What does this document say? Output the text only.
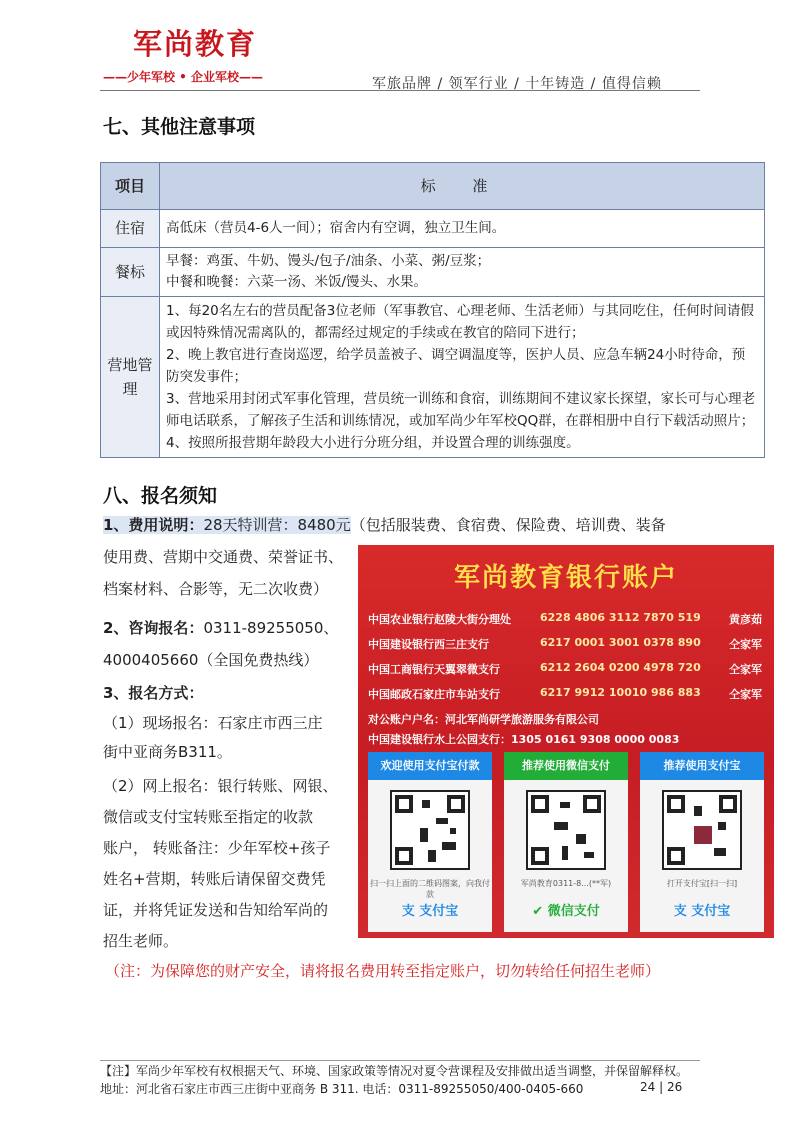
军尚教育
——少年军校 • 企业军校——	军旅品牌 / 领军行业 / 十年铸造 / 值得信赖
七、其他注意事项
项目	标 准
住宿	高低床（营员4-6人一间）；宿舍内有空调，独立卫生间。

餐标	早餐：鸡蛋、牛奶、馒头/包子/油条、小菜、粥/豆浆；
中餐和晚餐：六菜一汤、米饭/馒头、水果。

营地管理	1、每20名左右的营员配备3位老师（军事教官、心理老师、生活老师）与其同吃住，任何时间请假或因特殊情况需离队的，都需经过规定的手续或在教官的陪同下进行；
2、晚上教官进行查岗巡逻，给学员盖被子、调空调温度等，医护人员、应急车辆24小时待命，预防突发事件；
3、营地采用封闭式军事化管理，营员统一训练和食宿，训练期间不建议家长探望，家长可与心理老师电话联系，了解孩子生活和训练情况，或加军尚少年军校QQ群，在群相册中自行下载活动照片；
4、按照所报营期年龄段大小进行分班分组，并设置合理的训练强度。
八、报名须知
1、费用说明：28天特训营：8480元（包括服装费、食宿费、保险费、培训费、装备
使用费、营期中交通费、荣誉证书、
档案材料、合影等，无二次收费）
2、咨询报名：0311-89255050、
4000405660（全国免费热线）
3、报名方式：
（1）现场报名：石家庄市西三庄
街中亚商务B311。
（2）网上报名：银行转账、网银、
微信或支付宝转账至指定的收款
账户， 转账备注：少年军校+孩子
姓名+营期，转账后请保留交费凭
证，并将凭证发送和告知给军尚的
招生老师。
军尚教育银行账户
中国农业银行赵陵大街分理处	6228 4806 3112 7870 519	黄彦茹
中国建设银行西三庄支行	6217 0001 3001 0378 890	仝家军
中国工商银行天翼翠微支行	6212 2604 0200 4978 720	仝家军
中国邮政石家庄市车站支行	6217 9912 10010 986 883	仝家军
对公账户户名：河北军尚研学旅游服务有限公司
中国建设银行水上公园支行：1305 0161 9308 0000 0083
欢迎使用支付宝付款
扫一扫上面的二维码图案，向我付款
支 支付宝
推荐使用微信支付
军尚教育0311-8...(**军)
✔ 微信支付
推荐使用支付宝
打开支付宝[扫一扫]
支 支付宝
（注：为保障您的财产安全，请将报名费用转至指定账户，切勿转给任何招生老师）
【注】军尚少年军校有权根据天气、环境、国家政策等情况对夏令营课程及安排做出适当调整，并保留解释权。
地址：河北省石家庄市西三庄街中亚商务 B 311. 电话：0311-89255050/400-0405-660	24 | 26
